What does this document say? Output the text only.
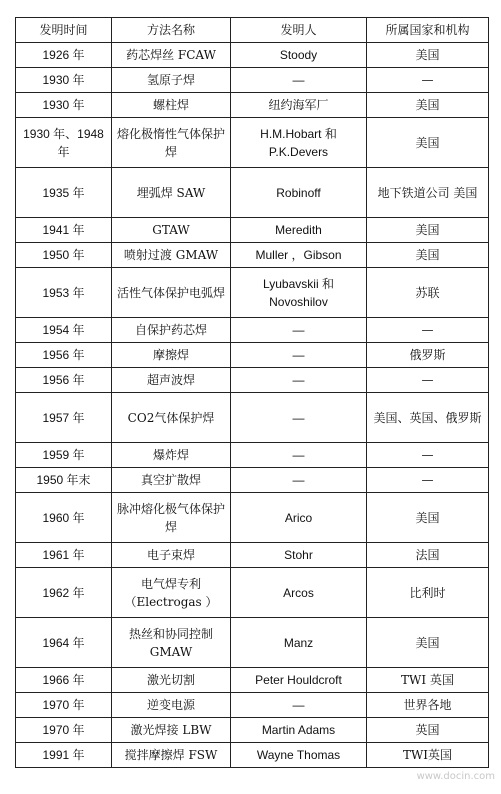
发明时间	方法名称	发明人	所属国家和机构
1926 年	药芯焊丝 FCAW	Stoody	美国
1930 年	氢原子焊	—	—
1930 年	螺柱焊	纽约海军厂	美国
1930 年、1948 年	熔化极惰性气体保护焊	H.M.Hobart 和 P.K.Devers	美国
1935 年	埋弧焊 SAW	Robinoff	地下铁道公司 美国
1941 年	GTAW	Meredith	美国
1950 年	喷射过渡 GMAW	Muller ，Gibson	美国
1953 年	活性气体保护电弧焊	Lyubavskii 和 Novoshilov	苏联
1954 年	自保护药芯焊	—	—
1956 年	摩擦焊	—	俄罗斯
1956 年	超声波焊	—	—
1957 年	CO2气体保护焊	—	美国、英国、俄罗斯
1959 年	爆炸焊	—	—
1950 年末	真空扩散焊	—	—
1960 年	脉冲熔化极气体保护焊	Arico	美国
1961 年	电子束焊	Stohr	法国
1962 年	电气焊专利（Electrogas ）	Arcos	比利时
1964 年	热丝和协同控制 GMAW	Manz	美国
1966 年	激光切割	Peter Houldcroft	TWI 英国
1970 年	逆变电源	—	世界各地
1970 年	激光焊接 LBW	Martin Adams	英国
1991 年	搅拌摩擦焊 FSW	Wayne Thomas	TWI英国
www.docin.com
